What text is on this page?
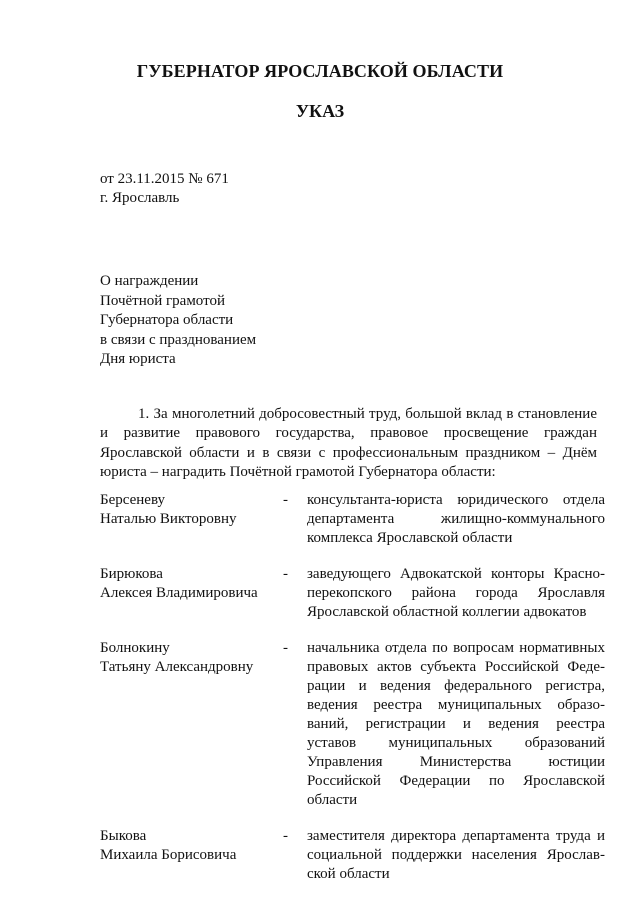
ГУБЕРНАТОР ЯРОСЛАВСКОЙ ОБЛАСТИ
УКАЗ
от 23.11.2015 № 671
г. Ярославль
О награждении
Почётной грамотой
Губернатора области
в связи с празднованием
Дня юриста
1. За многолетний добросовестный труд, большой вклад в становление и развитие правового государства, правовое просвещение граждан Ярославской области и в связи с профессиональным праздником – Днём юриста – наградить Почётной грамотой Губернатора области:
Берсеневу
Наталью Викторовну
-	консультанта-юриста юридического отдела
департамента жилищно-коммунального
комплекса Ярославской области
Бирюкова
Алексея Владимировича
-	заведующего Адвокатской конторы Красно-
перекопского района города Ярославля
Ярославской областной коллегии адвокатов
Болнокину
Татьяну Александровну
-	начальника отдела по вопросам нормативных
правовых актов субъекта Российской Феде-
рации и ведения федерального регистра,
ведения реестра муниципальных образо-
ваний, регистрации и ведения реестра
уставов муниципальных образований
Управления Министерства юстиции
Российской Федерации по Ярославской
области
Быкова
Михаила Борисовича
-	заместителя директора департамента труда и
социальной поддержки населения Ярослав-
ской области
